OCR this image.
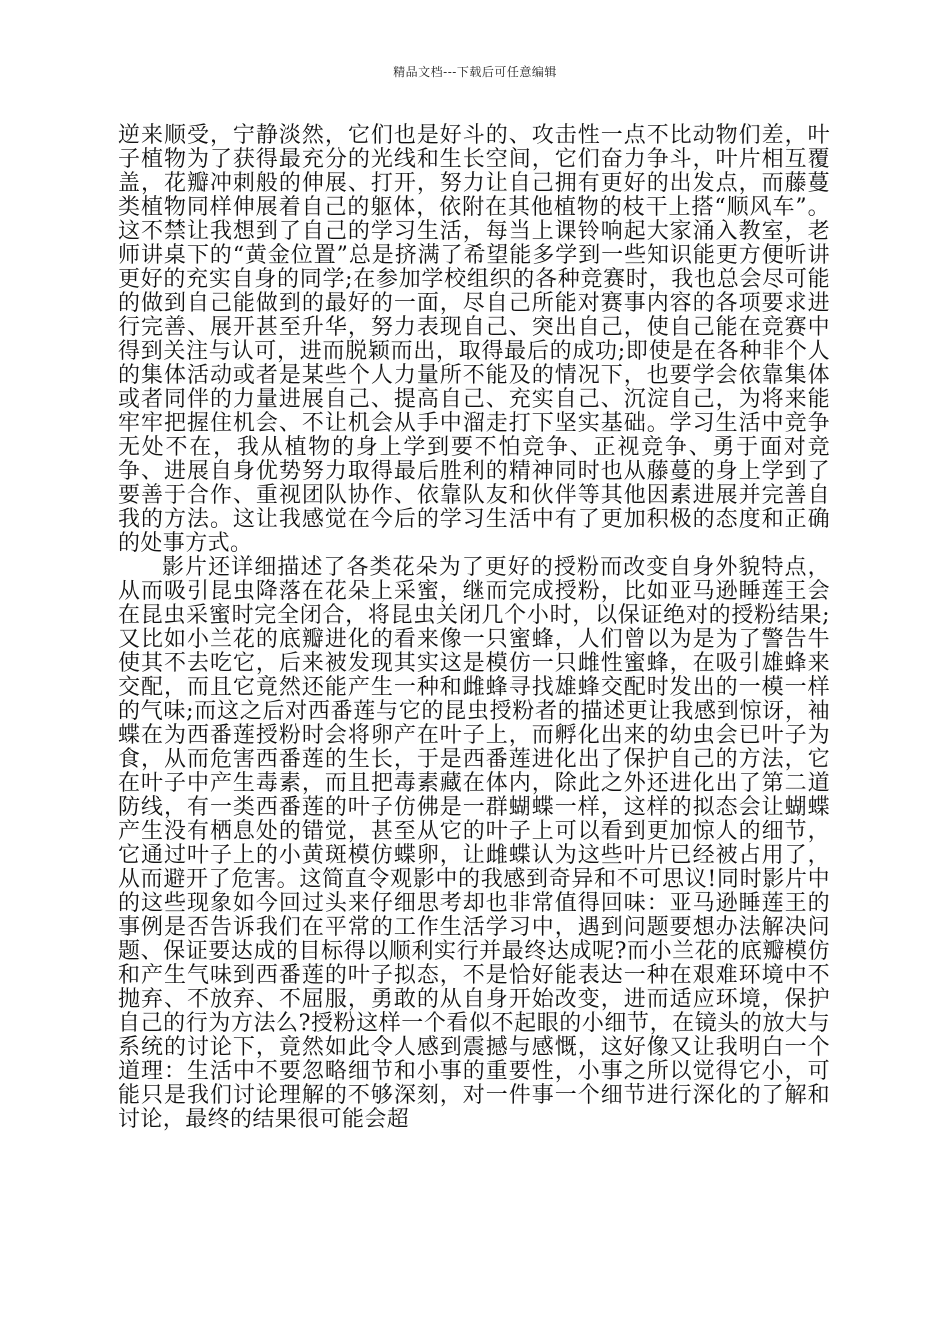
精品文档---下载后可任意编辑

逆来顺受，宁静淡然，它们也是好斗的、攻击性一点不比动物们差，叶子植物为了获得最充分的光线和生长空间，它们奋力争斗，叶片相互覆盖，花瓣冲刺般的伸展、打开，努力让自己拥有更好的出发点，而藤蔓类植物同样伸展着自己的躯体，依附在其他植物的枝干上搭“顺风车”。这不禁让我想到了自己的学习生活，每当上课铃响起大家涌入教室，老师讲桌下的“黄金位置”总是挤满了希望能多学到一些知识能更方便听讲更好的充实自身的同学;在参加学校组织的各种竞赛时，我也总会尽可能的做到自己能做到的最好的一面，尽自己所能对赛事内容的各项要求进行完善、展开甚至升华，努力表现自己、突出自己，使自己能在竞赛中得到关注与认可，进而脱颖而出，取得最后的成功;即使是在各种非个人的集体活动或者是某些个人力量所不能及的情况下，也要学会依靠集体或者同伴的力量进展自己、提高自己、充实自己、沉淀自己，为将来能牢牢把握住机会、不让机会从手中溜走打下坚实基础。学习生活中竞争无处不在，我从植物的身上学到要不怕竞争、正视竞争、勇于面对竞争、进展自身优势努力取得最后胜利的精神同时也从藤蔓的身上学到了要善于合作、重视团队协作、依靠队友和伙伴等其他因素进展并完善自我的方法。这让我感觉在今后的学习生活中有了更加积极的态度和正确的处事方式。

影片还详细描述了各类花朵为了更好的授粉而改变自身外貌特点，从而吸引昆虫降落在花朵上采蜜，继而完成授粉，比如亚马逊睡莲王会在昆虫采蜜时完全闭合，将昆虫关闭几个小时，以保证绝对的授粉结果;又比如小兰花的底瓣进化的看来像一只蜜蜂，人们曾以为是为了警告牛使其不去吃它，后来被发现其实这是模仿一只雌性蜜蜂，在吸引雄蜂来交配，而且它竟然还能产生一种和雌蜂寻找雄蜂交配时发出的一模一样的气味;而这之后对西番莲与它的昆虫授粉者的描述更让我感到惊讶，袖蝶在为西番莲授粉时会将卵产在叶子上，而孵化出来的幼虫会已叶子为食，从而危害西番莲的生长，于是西番莲进化出了保护自己的方法，它在叶子中产生毒素，而且把毒素藏在体内，除此之外还进化出了第二道防线，有一类西番莲的叶子仿佛是一群蝴蝶一样，这样的拟态会让蝴蝶产生没有栖息处的错觉，甚至从它的叶子上可以看到更加惊人的细节，它通过叶子上的小黄斑模仿蝶卵，让雌蝶认为这些叶片已经被占用了，从而避开了危害。这简直令观影中的我感到奇异和不可思议!同时影片中的这些现象如今回过头来仔细思考却也非常值得回味：亚马逊睡莲王的事例是否告诉我们在平常的工作生活学习中，遇到问题要想办法解决问题、保证要达成的目标得以顺利实行并最终达成呢?而小兰花的底瓣模仿和产生气味到西番莲的叶子拟态，不是恰好能表达一种在艰难环境中不抛弃、不放弃、不屈服，勇敢的从自身开始改变，进而适应环境，保护自己的行为方法么?授粉这样一个看似不起眼的小细节，在镜头的放大与系统的讨论下，竟然如此令人感到震撼与感慨，这好像又让我明白一个道理：生活中不要忽略细节和小事的重要性，小事之所以觉得它小，可能只是我们讨论理解的不够深刻，对一件事一个细节进行深化的了解和讨论，最终的结果很可能会超
